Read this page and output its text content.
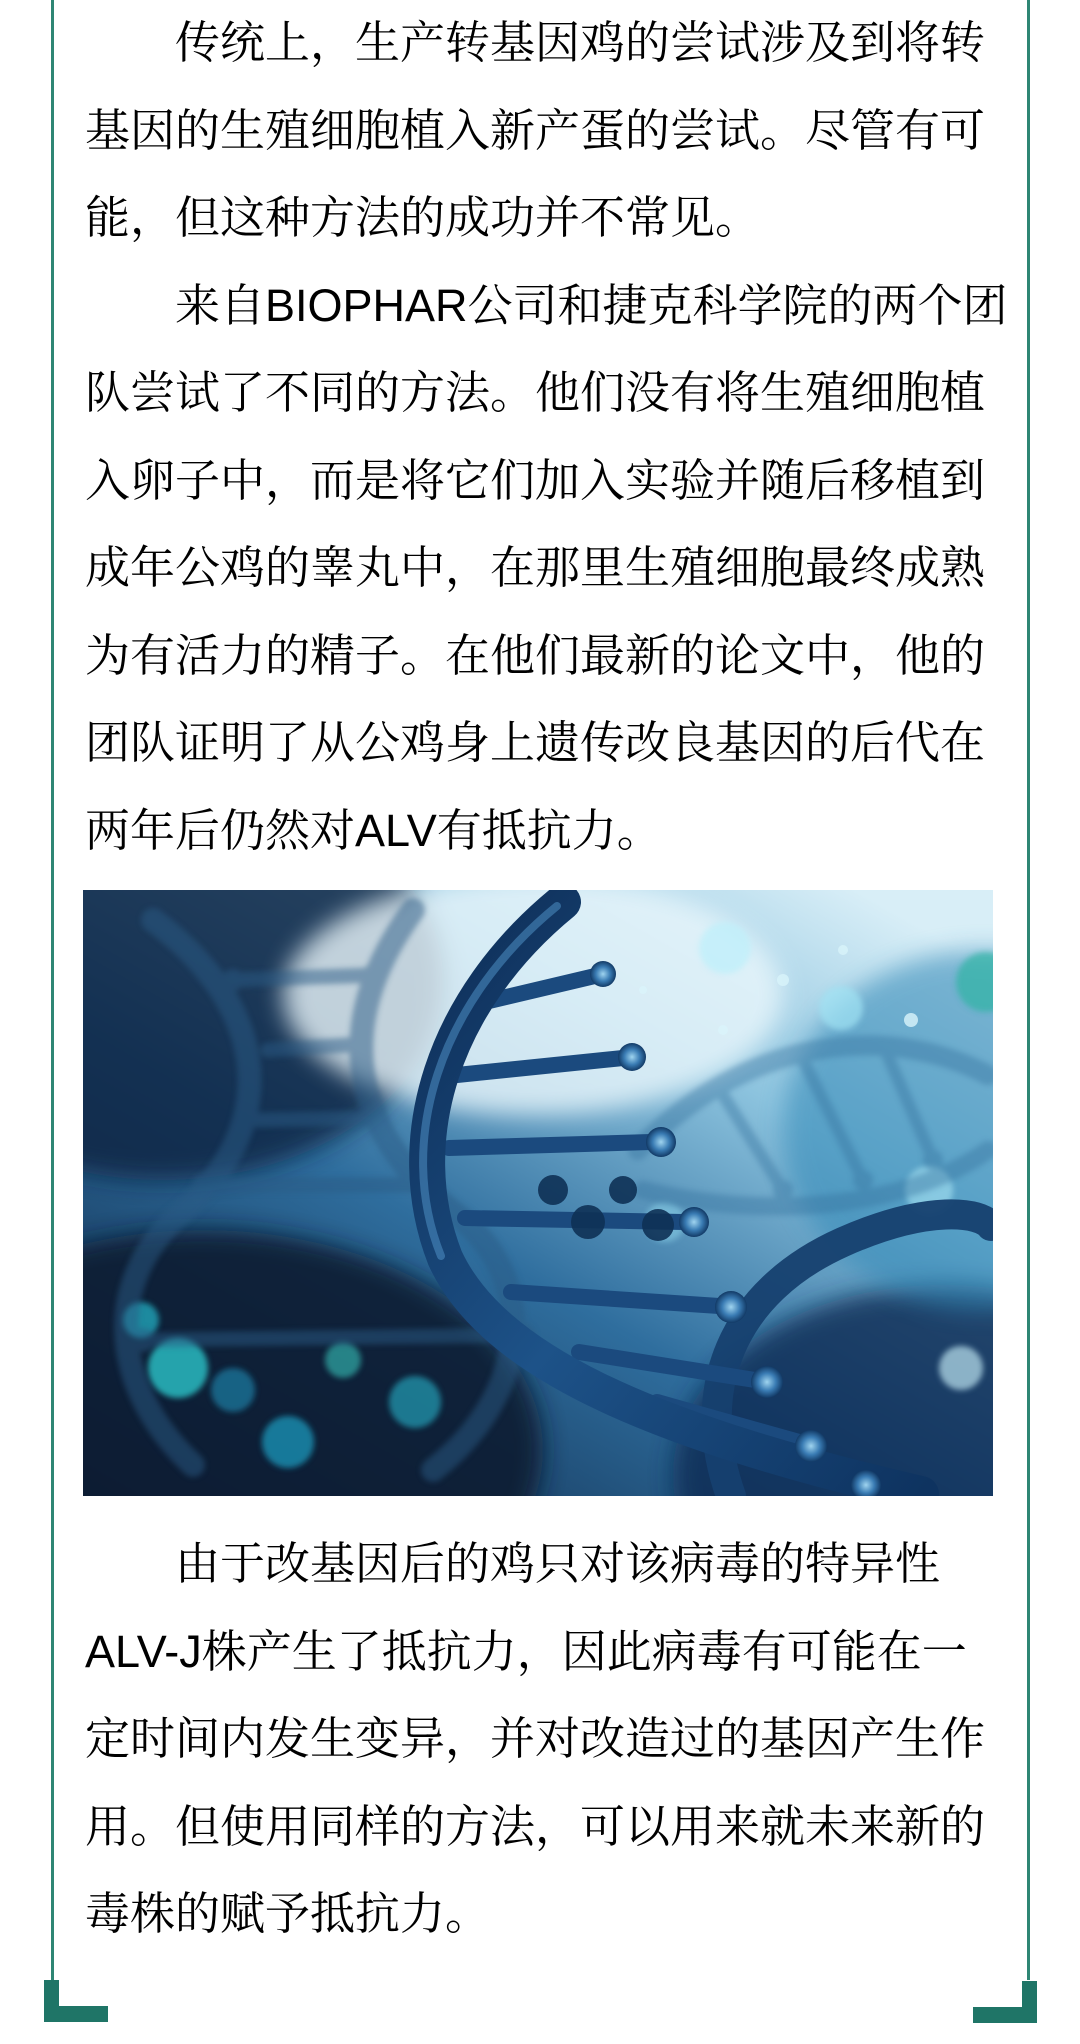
传统上，生产转基因鸡的尝试涉及到将转基因的生殖细胞植入新产蛋的尝试。尽管有可能，但这种方法的成功并不常见。

来自BIOPHAR公司和捷克科学院的两个团队尝试了不同的方法。他们没有将生殖细胞植入卵子中，而是将它们加入实验并随后移植到成年公鸡的睾丸中，在那里生殖细胞最终成熟为有活力的精子。在他们最新的论文中，他的团队证明了从公鸡身上遗传改良基因的后代在两年后仍然对ALV有抵抗力。

由于改基因后的鸡只对该病毒的特异性ALV-J株产生了抵抗力，因此病毒有可能在一定时间内发生变异，并对改造过的基因产生作用。但使用同样的方法，可以用来就未来新的毒株的赋予抵抗力。
